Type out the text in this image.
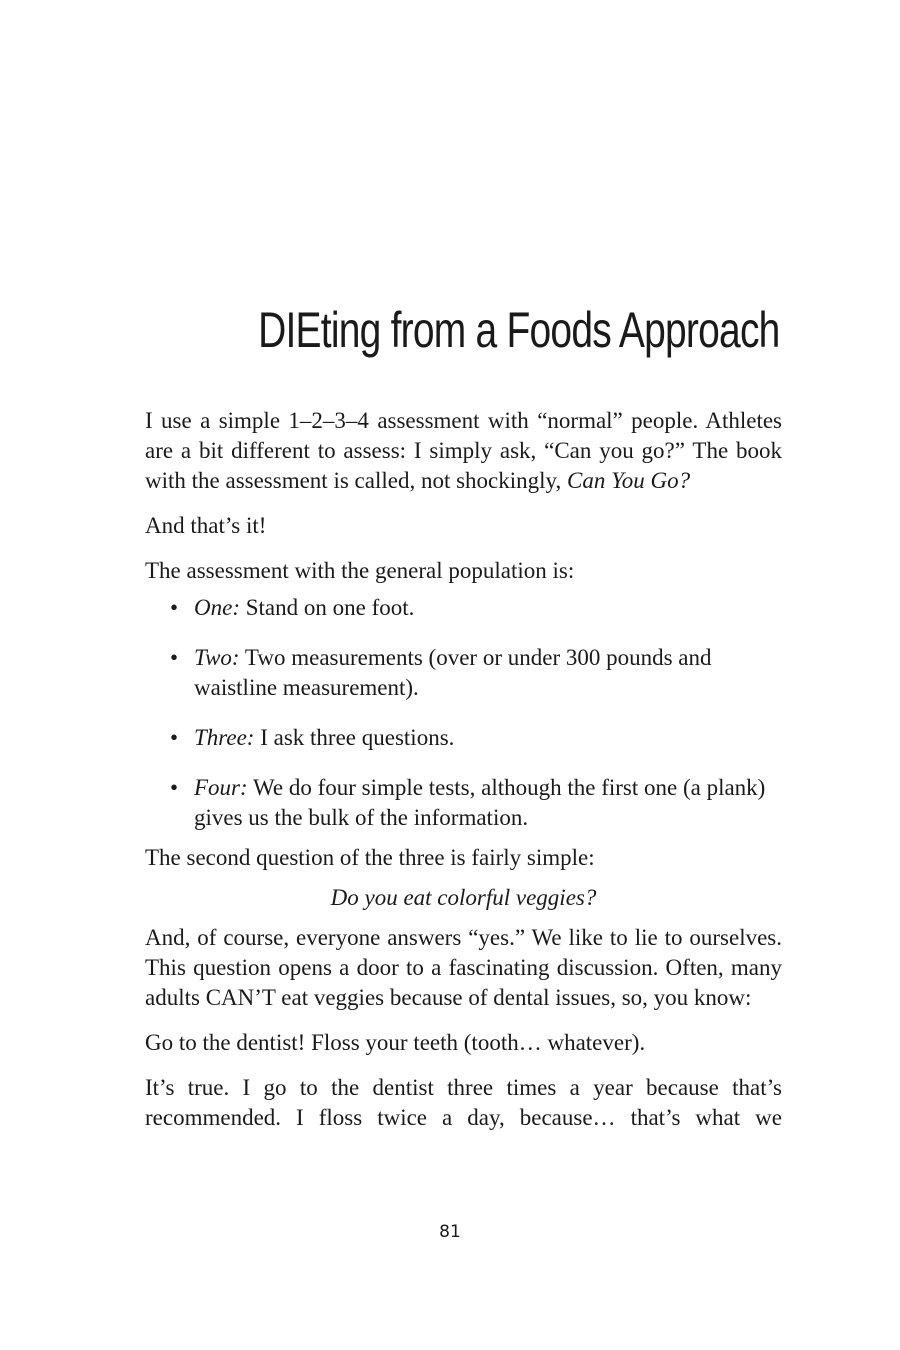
DIEting from a Foods Approach

I use a simple 1–2–3–4 assessment with “normal” people. Athletes are a bit different to assess: I simply ask, “Can you go?” The book with the assessment is called, not shockingly, Can You Go?

And that’s it!

The assessment with the general population is:

• One: Stand on one foot.
• Two: Two measurements (over or under 300 pounds and waistline measurement).
• Three: I ask three questions.
• Four: We do four simple tests, although the first one (a plank) gives us the bulk of the information.

The second question of the three is fairly simple:

Do you eat colorful veggies?

And, of course, everyone answers “yes.” We like to lie to ourselves. This question opens a door to a fascinating discussion. Often, many adults CAN’T eat veggies because of dental issues, so, you know:

Go to the dentist! Floss your teeth (tooth… whatever).

It’s true. I go to the dentist three times a year because that’s recommended. I floss twice a day, because… that’s what we

81
